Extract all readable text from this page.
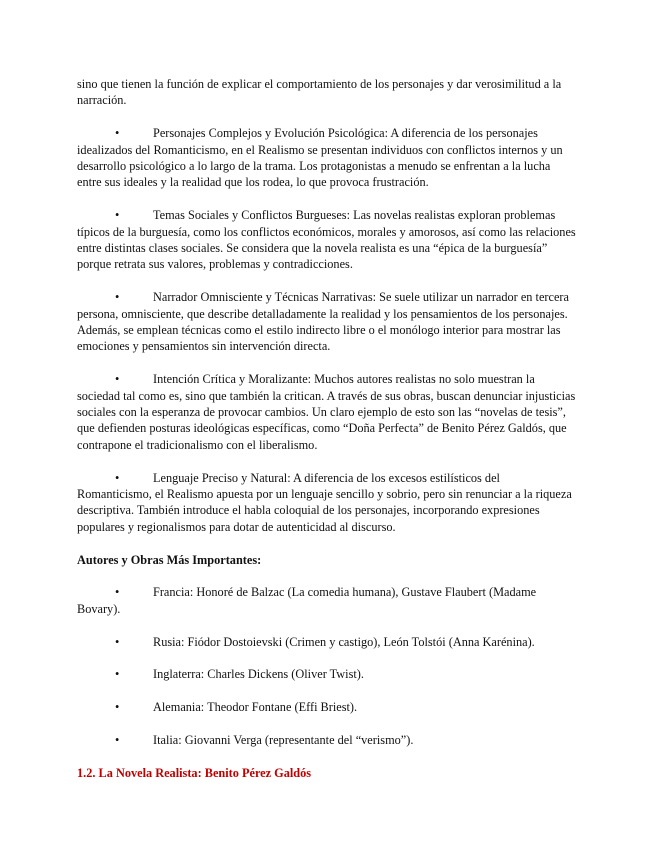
sino que tienen la función de explicar el comportamiento de los personajes y dar verosimilitud a la narración.

•	Personajes Complejos y Evolución Psicológica: A diferencia de los personajes idealizados del Romanticismo, en el Realismo se presentan individuos con conflictos internos y un desarrollo psicológico a lo largo de la trama. Los protagonistas a menudo se enfrentan a la lucha entre sus ideales y la realidad que los rodea, lo que provoca frustración.

•	Temas Sociales y Conflictos Burgueses: Las novelas realistas exploran problemas típicos de la burguesía, como los conflictos económicos, morales y amorosos, así como las relaciones entre distintas clases sociales. Se considera que la novela realista es una “épica de la burguesía” porque retrata sus valores, problemas y contradicciones.

•	Narrador Omnisciente y Técnicas Narrativas: Se suele utilizar un narrador en tercera persona, omnisciente, que describe detalladamente la realidad y los pensamientos de los personajes. Además, se emplean técnicas como el estilo indirecto libre o el monólogo interior para mostrar las emociones y pensamientos sin intervención directa.

•	Intención Crítica y Moralizante: Muchos autores realistas no solo muestran la sociedad tal como es, sino que también la critican. A través de sus obras, buscan denunciar injusticias sociales con la esperanza de provocar cambios. Un claro ejemplo de esto son las “novelas de tesis”, que defienden posturas ideológicas específicas, como “Doña Perfecta” de Benito Pérez Galdós, que contrapone el tradicionalismo con el liberalismo.

•	Lenguaje Preciso y Natural: A diferencia de los excesos estilísticos del Romanticismo, el Realismo apuesta por un lenguaje sencillo y sobrio, pero sin renunciar a la riqueza descriptiva. También introduce el habla coloquial de los personajes, incorporando expresiones populares y regionalismos para dotar de autenticidad al discurso.

Autores y Obras Más Importantes:

•	Francia: Honoré de Balzac (La comedia humana), Gustave Flaubert (Madame Bovary).

•	Rusia: Fiódor Dostoievski (Crimen y castigo), León Tolstói (Anna Karénina).

•	Inglaterra: Charles Dickens (Oliver Twist).

•	Alemania: Theodor Fontane (Effi Briest).

•	Italia: Giovanni Verga (representante del “verismo”).

1.2. La Novela Realista: Benito Pérez Galdós
